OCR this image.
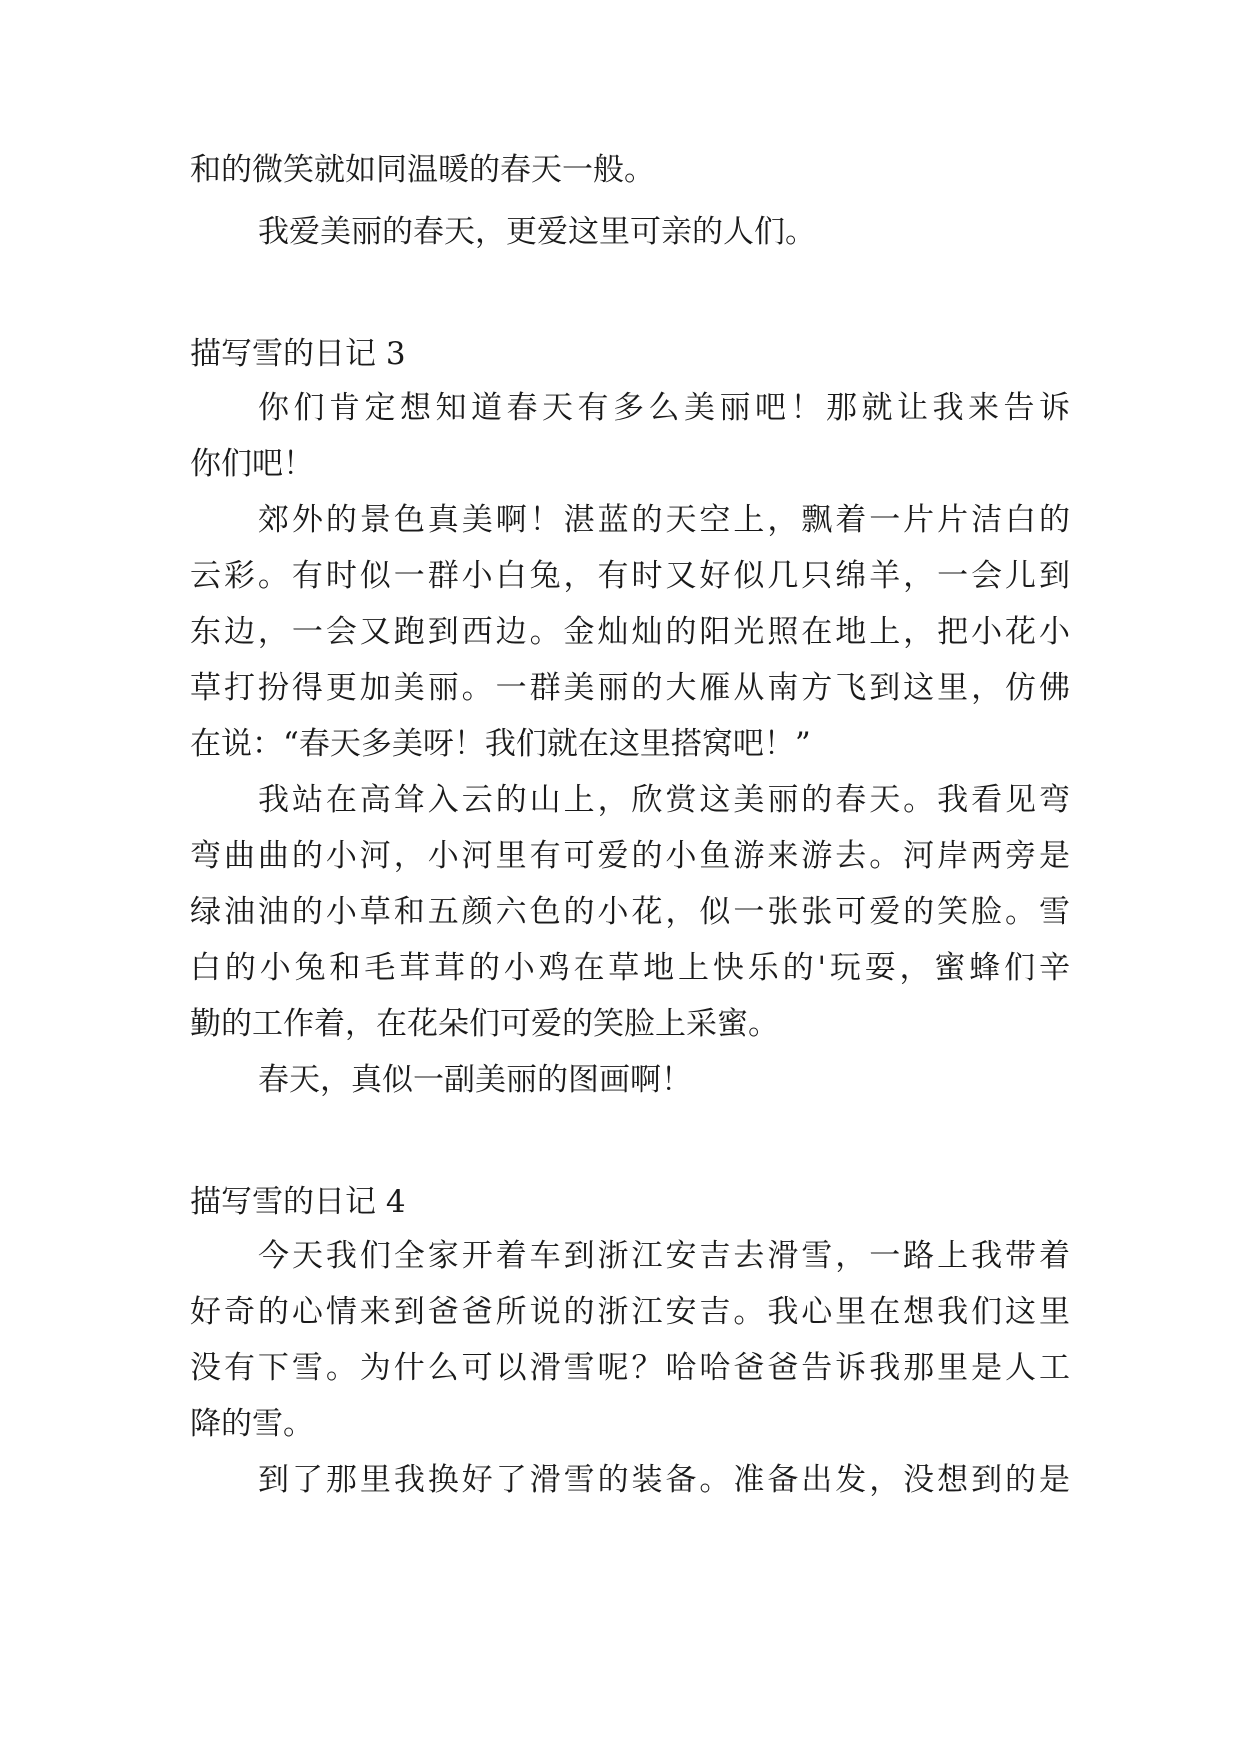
和的微笑就如同温暖的春天一般。
我爱美丽的春天，更爱这里可亲的人们。
描写雪的日记 3
你们肯定想知道春天有多么美丽吧！那就让我来告诉
你们吧！
郊外的景色真美啊！湛蓝的天空上，飘着一片片洁白的
云彩。有时似一群小白兔，有时又好似几只绵羊，一会儿到
东边，一会又跑到西边。金灿灿的阳光照在地上，把小花小
草打扮得更加美丽。一群美丽的大雁从南方飞到这里，仿佛
在说：“春天多美呀！我们就在这里搭窝吧！”
我站在高耸入云的山上，欣赏这美丽的春天。我看见弯
弯曲曲的小河，小河里有可爱的小鱼游来游去。河岸两旁是
绿油油的小草和五颜六色的小花，似一张张可爱的笑脸。雪
白的小兔和毛茸茸的小鸡在草地上快乐的'玩耍，蜜蜂们辛
勤的工作着，在花朵们可爱的笑脸上采蜜。
春天，真似一副美丽的图画啊！
描写雪的日记 4
今天我们全家开着车到浙江安吉去滑雪，一路上我带着
好奇的心情来到爸爸所说的浙江安吉。我心里在想我们这里
没有下雪。为什么可以滑雪呢？哈哈爸爸告诉我那里是人工
降的雪。
到了那里我换好了滑雪的装备。准备出发，没想到的是
